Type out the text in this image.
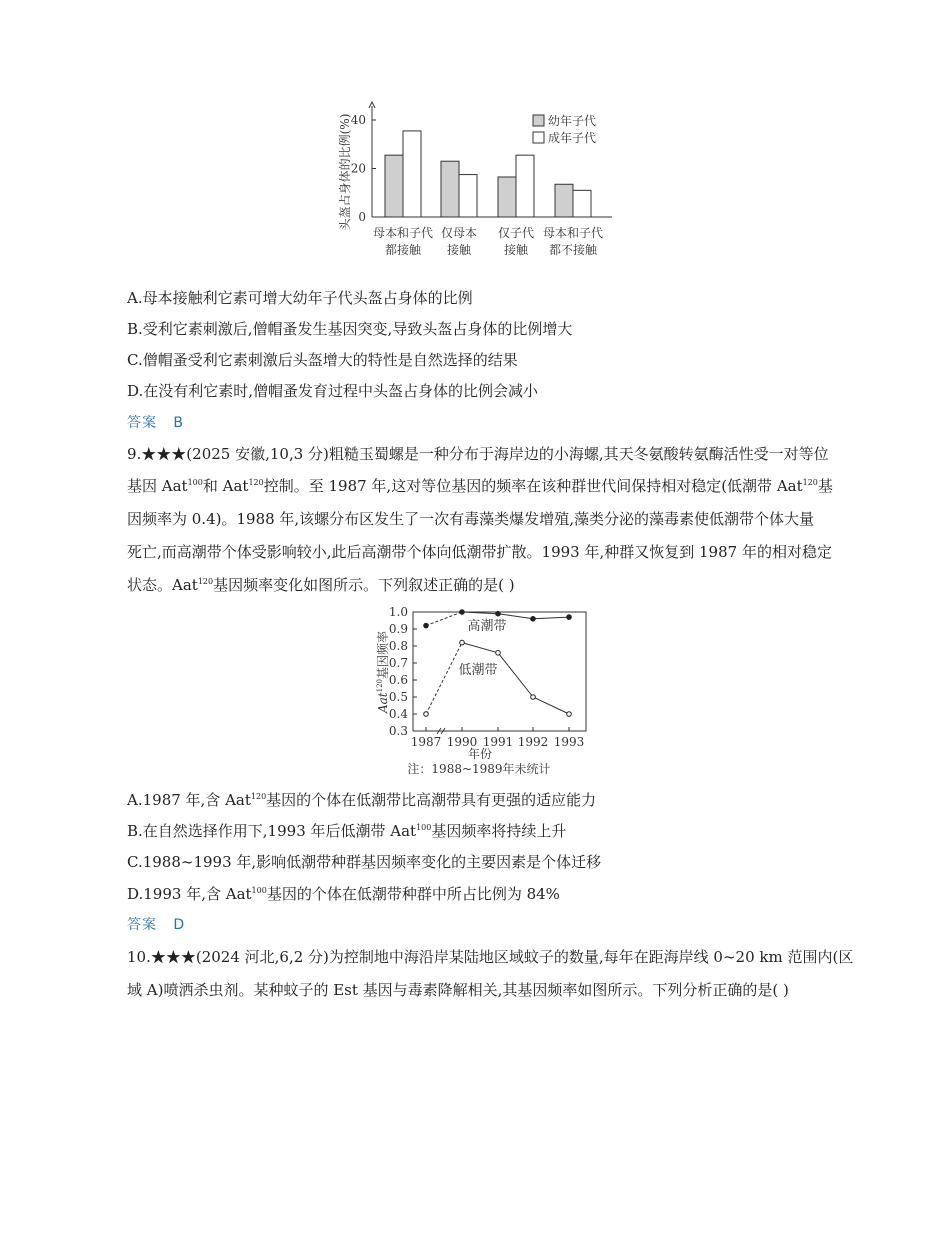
40
20
0
头盔占身体的比例(%)
母本和子代
都接触
仅母本
接触
仅子代
接触
母本和子代
都不接触
幼年子代
成年子代
A.母本接触利它素可增大幼年子代头盔占身体的比例
B.受利它素刺激后,僧帽蚤发生基因突变,导致头盔占身体的比例增大
C.僧帽蚤受利它素刺激后头盔增大的特性是自然选择的结果
D.在没有利它素时,僧帽蚤发育过程中头盔占身体的比例会减小
答案 B
9.★★★(2025 安徽,10,3 分)粗糙玉蜀螺是一种分布于海岸边的小海螺,其天冬氨酸转氨酶活性受一对等位
基因 Aat$^{100}$和 Aat$^{120}$控制。至 1987 年,这对等位基因的频率在该种群世代间保持相对稳定(低潮带 Aat$^{120}$基
因频率为 0.4)。1988 年,该螺分布区发生了一次有毒藻类爆发增殖,藻类分泌的藻毒素使低潮带个体大量
死亡,而高潮带个体受影响较小,此后高潮带个体向低潮带扩散。1993 年,种群又恢复到 1987 年的相对稳定
状态。Aat$^{120}$基因频率变化如图所示。下列叙述正确的是( )
1.0
0.9
0.8
0.7
0.6
0.5
0.4
0.3
1987 1990 1991 1992 1993
年份
Aat$^{120}$基因频率
高潮带
低潮带
注：1988~1989年未统计
A.1987 年,含 Aat$^{120}$基因的个体在低潮带比高潮带具有更强的适应能力
B.在自然选择作用下,1993 年后低潮带 Aat$^{100}$基因频率将持续上升
C.1988~1993 年,影响低潮带种群基因频率变化的主要因素是个体迁移
D.1993 年,含 Aat$^{100}$基因的个体在低潮带种群中所占比例为 84%
答案 D
10.★★★(2024 河北,6,2 分)为控制地中海沿岸某陆地区域蚊子的数量,每年在距海岸线 0~20 km 范围内(区
域 A)喷洒杀虫剂。某种蚊子的 Est 基因与毒素降解相关,其基因频率如图所示。下列分析正确的是( )
